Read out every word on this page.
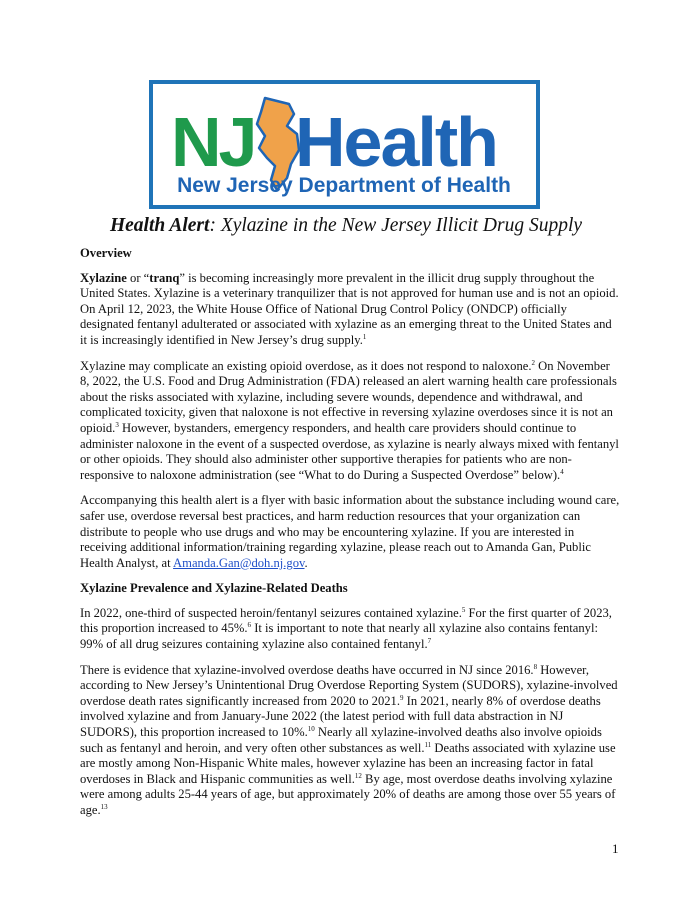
NJ Health
New Jersey Department of Health
Health Alert: Xylazine in the New Jersey Illicit Drug Supply
Overview

Xylazine or “tranq” is becoming increasingly more prevalent in the illicit drug supply throughout the United States. Xylazine is a veterinary tranquilizer that is not approved for human use and is not an opioid. On April 12, 2023, the White House Office of National Drug Control Policy (ONDCP) officially designated fentanyl adulterated or associated with xylazine as an emerging threat to the United States and it is increasingly identified in New Jersey’s drug supply.$^1$

Xylazine may complicate an existing opioid overdose, as it does not respond to naloxone.$^2$ On November 8, 2022, the U.S. Food and Drug Administration (FDA) released an alert warning health care professionals about the risks associated with xylazine, including severe wounds, dependence and withdrawal, and complicated toxicity, given that naloxone is not effective in reversing xylazine overdoses since it is not an opioid.$^3$ However, bystanders, emergency responders, and health care providers should continue to administer naloxone in the event of a suspected overdose, as xylazine is nearly always mixed with fentanyl or other opioids. They should also administer other supportive therapies for patients who are non-responsive to naloxone administration (see “What to do During a Suspected Overdose” below).$^4$

Accompanying this health alert is a flyer with basic information about the substance including wound care, safer use, overdose reversal best practices, and harm reduction resources that your organization can distribute to people who use drugs and who may be encountering xylazine. If you are interested in receiving additional information/training regarding xylazine, please reach out to Amanda Gan, Public Health Analyst, at Amanda.Gan@doh.nj.gov.

Xylazine Prevalence and Xylazine-Related Deaths

In 2022, one-third of suspected heroin/fentanyl seizures contained xylazine.$^5$ For the first quarter of 2023, this proportion increased to 45%.$^6$ It is important to note that nearly all xylazine also contains fentanyl: 99% of all drug seizures containing xylazine also contained fentanyl.$^7$

There is evidence that xylazine-involved overdose deaths have occurred in NJ since 2016.$^8$ However, according to New Jersey’s Unintentional Drug Overdose Reporting System (SUDORS), xylazine-involved overdose death rates significantly increased from 2020 to 2021.$^9$ In 2021, nearly 8% of overdose deaths involved xylazine and from January-June 2022 (the latest period with full data abstraction in NJ SUDORS), this proportion increased to 10%.$^{10}$ Nearly all xylazine-involved deaths also involve opioids such as fentanyl and heroin, and very often other substances as well.$^{11}$ Deaths associated with xylazine use are mostly among Non-Hispanic White males, however xylazine has been an increasing factor in fatal overdoses in Black and Hispanic communities as well.$^{12}$ By age, most overdose deaths involving xylazine were among adults 25-44 years of age, but approximately 20% of deaths are among those over 55 years of age.$^{13}$

1
